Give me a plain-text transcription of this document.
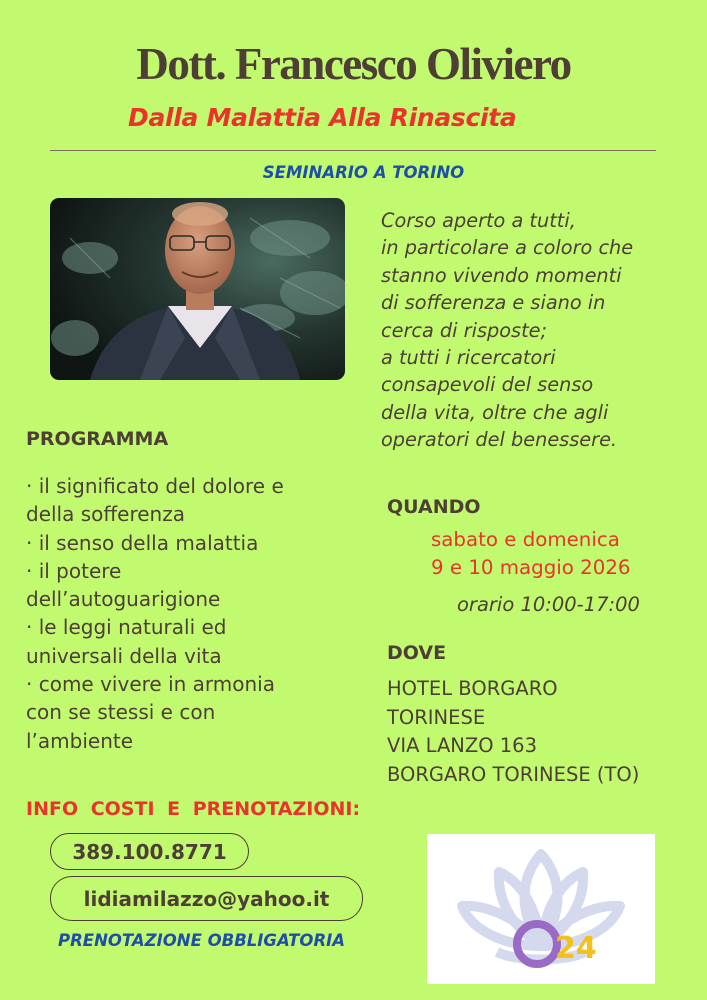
Dott. Francesco Oliviero
Dalla Malattia Alla Rinascita
SEMINARIO A TORINO
Corso aperto a tutti,
in particolare a coloro che
stanno vivendo momenti
di sofferenza e siano in
cerca di risposte;
a tutti i ricercatori
consapevoli del senso
della vita, oltre che agli
operatori del benessere.
PROGRAMMA
· il significato del dolore e
della sofferenza
· il senso della malattia
· il potere
dell’autoguarigione
· le leggi naturali ed
universali della vita
· come vivere in armonia
con se stessi e con
l’ambiente
QUANDO
sabato e domenica
9 e 10 maggio 2026
orario 10:00-17:00
DOVE
HOTEL BORGARO
TORINESE
VIA LANZO 163
BORGARO TORINESE (TO)
INFO COSTI E PRENOTAZIONI:
389.100.8771
lidiamilazzo@yahoo.it
PRENOTAZIONE OBBLIGATORIA	24
